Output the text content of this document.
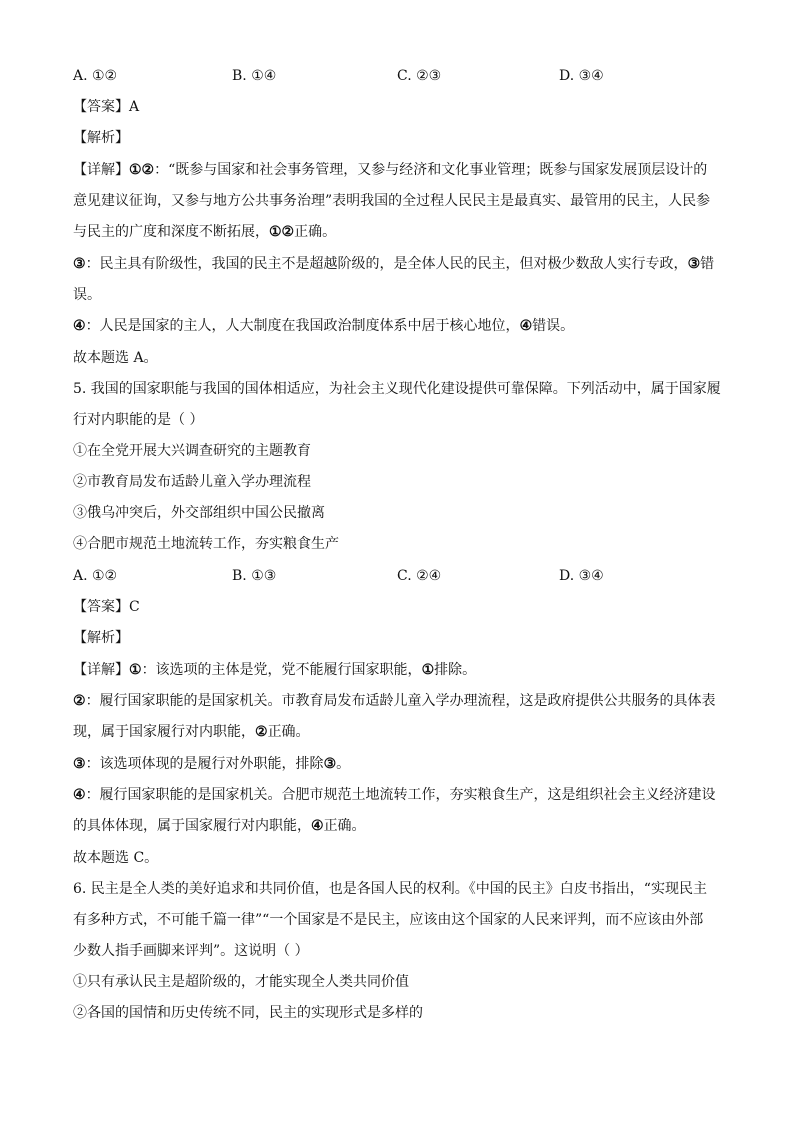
A. ①②	B. ①④	C. ②③	D. ③④
【答案】A
【解析】
【详解】①②：“既参与国家和社会事务管理，又参与经济和文化事业管理；既参与国家发展顶层设计的
意见建议征询，又参与地方公共事务治理”表明我国的全过程人民民主是最真实、最管用的民主，人民参
与民主的广度和深度不断拓展，①②正确。
③：民主具有阶级性，我国的民主不是超越阶级的，是全体人民的民主，但对极少数敌人实行专政，③错
误。
④：人民是国家的主人，人大制度在我国政治制度体系中居于核心地位，④错误。
故本题选 A。
5. 我国的国家职能与我国的国体相适应，为社会主义现代化建设提供可靠保障。下列活动中，属于国家履
行对内职能的是（ ）
①在全党开展大兴调查研究的主题教育
②市教育局发布适龄儿童入学办理流程
③俄乌冲突后，外交部组织中国公民撤离
④合肥市规范土地流转工作，夯实粮食生产
A. ①②	B. ①③	C. ②④	D. ③④
【答案】C
【解析】
【详解】①：该选项的主体是党，党不能履行国家职能，①排除。
②：履行国家职能的是国家机关。市教育局发布适龄儿童入学办理流程，这是政府提供公共服务的具体表
现，属于国家履行对内职能，②正确。
③：该选项体现的是履行对外职能，排除③。
④：履行国家职能的是国家机关。合肥市规范土地流转工作，夯实粮食生产，这是组织社会主义经济建设
的具体体现，属于国家履行对内职能，④正确。
故本题选 C。
6. 民主是全人类的美好追求和共同价值，也是各国人民的权利。《中国的民主》白皮书指出，“实现民主
有多种方式，不可能千篇一律”“一个国家是不是民主，应该由这个国家的人民来评判，而不应该由外部
少数人指手画脚来评判”。这说明（ ）
①只有承认民主是超阶级的，才能实现全人类共同价值
②各国的国情和历史传统不同，民主的实现形式是多样的
